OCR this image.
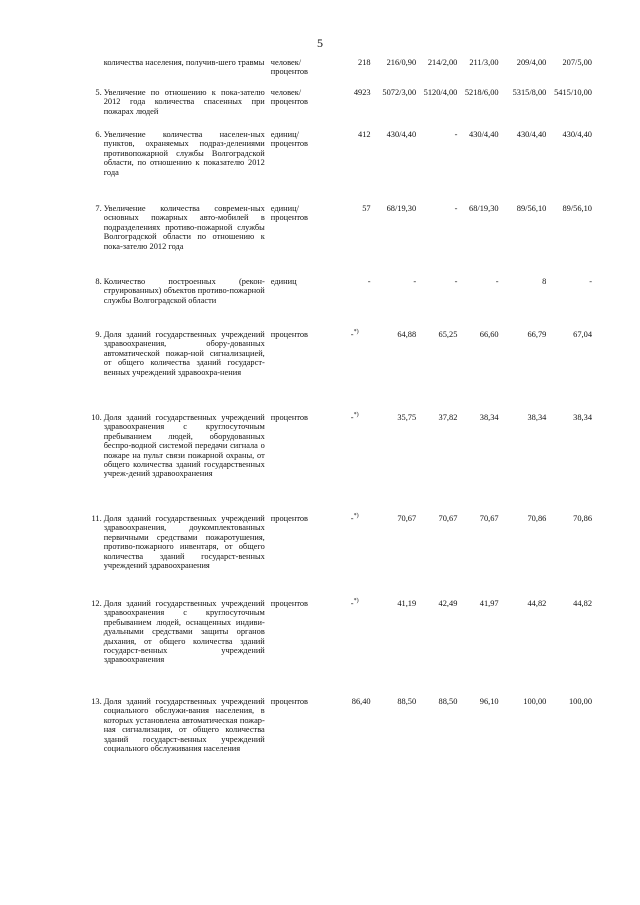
5
	количества населения, получив-шего травмы	человек/ процентов	218	216/0,90	214/2,00	211/3,00	209/4,00	207/5,00
5.	Увеличение по отношению к пока-зателю 2012 года количества спасенных при пожарах людей	человек/ процентов	4923	5072/3,00	5120/4,00	5218/6,00	5315/8,00	5415/10,00
6.	Увеличение количества населен-ных пунктов, охраняемых подраз-делениями противопожарной службы Волгоградской области, по отношению к показателю 2012 года	единиц/ процентов	412	430/4,40	-	430/4,40	430/4,40	430/4,40
7.	Увеличение количества современ-ных основных пожарных авто-мобилей в подразделениях противо-пожарной службы Волгоградской области по отношению к пока-зателю 2012 года	единиц/ процентов	57	68/19,30	-	68/19,30	89/56,10	89/56,10
8.	Количество построенных (рекон-струированных) объектов противо-пожарной службы Волгоградской области	единиц	-	-	-	-	8	-
9.	Доля зданий государственных учреждений здравоохранения, обору-дованных автоматической пожар-ной сигнализацией, от общего количества зданий государст-венных учреждений здравоохра-нения	процентов	-*)	64,88	65,25	66,60	66,79	67,04
10.	Доля зданий государственных учреждений здравоохранения с круглосуточным пребыванием людей, оборудованных беспро-водной системой передачи сигнала о пожаре на пульт связи пожарной охраны, от общего количества зданий государственных учреж-дений здравоохранения	процентов	-*)	35,75	37,82	38,34	38,34	38,34
11.	Доля зданий государственных учреждений здравоохранения, доукомплектованных первичными средствами пожаротушения, противо-пожарного инвентаря, от общего количества зданий государст-венных учреждений здравоохранения	процентов	-*)	70,67	70,67	70,67	70,86	70,86
12.	Доля зданий государственных учреждений здравоохранения с круглосуточным пребыванием людей, оснащенных индиви-дуальными средствами защиты органов дыхания, от общего количества зданий государст-венных учреждений здравоохранения	процентов	-*)	41,19	42,49	41,97	44,82	44,82
13.	Доля зданий государственных учреждений социального обслужи-вания населения, в которых установлена автоматическая пожар-ная сигнализация, от общего количества зданий государст-венных учреждений социального обслуживания населения	процентов	86,40	88,50	88,50	96,10	100,00	100,00
